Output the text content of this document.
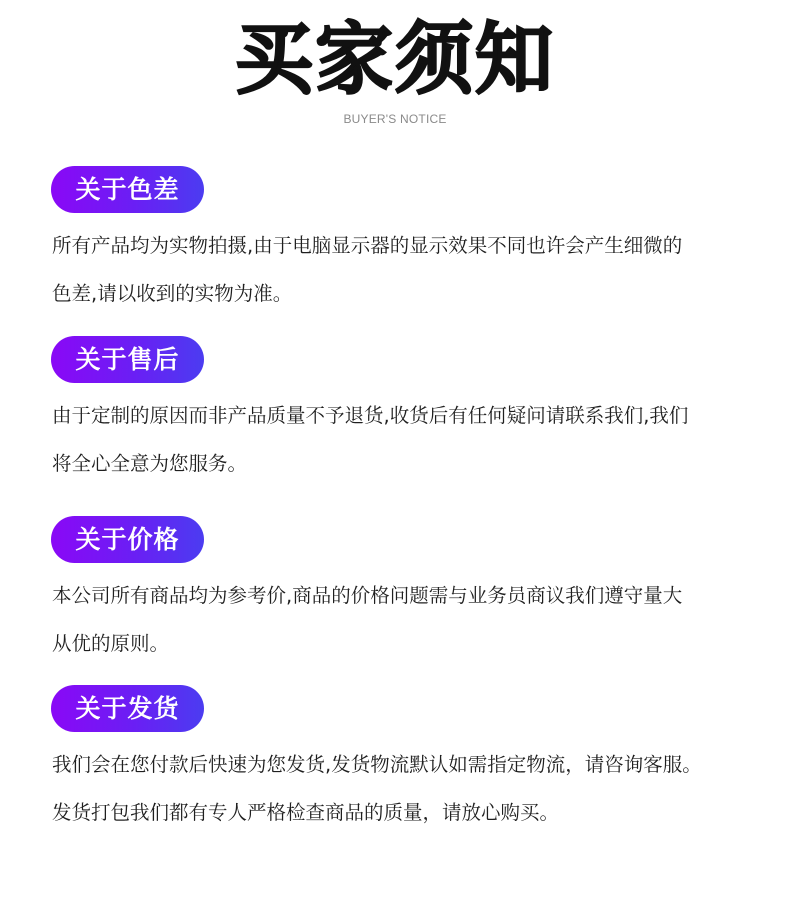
买家须知
BUYER'S NOTICE
关于色差
所有产品均为实物拍摄,由于电脑显示器的显示效果不同也许会产生细微的
色差,请以收到的实物为准。
关于售后
由于定制的原因而非产品质量不予退货,收货后有任何疑问请联系我们,我们
将全心全意为您服务。
关于价格
本公司所有商品均为参考价,商品的价格问题需与业务员商议我们遵守量大
从优的原则。
关于发货
我们会在您付款后快速为您发货,发货物流默认如需指定物流，请咨询客服。
发货打包我们都有专人严格检查商品的质量，请放心购买。
